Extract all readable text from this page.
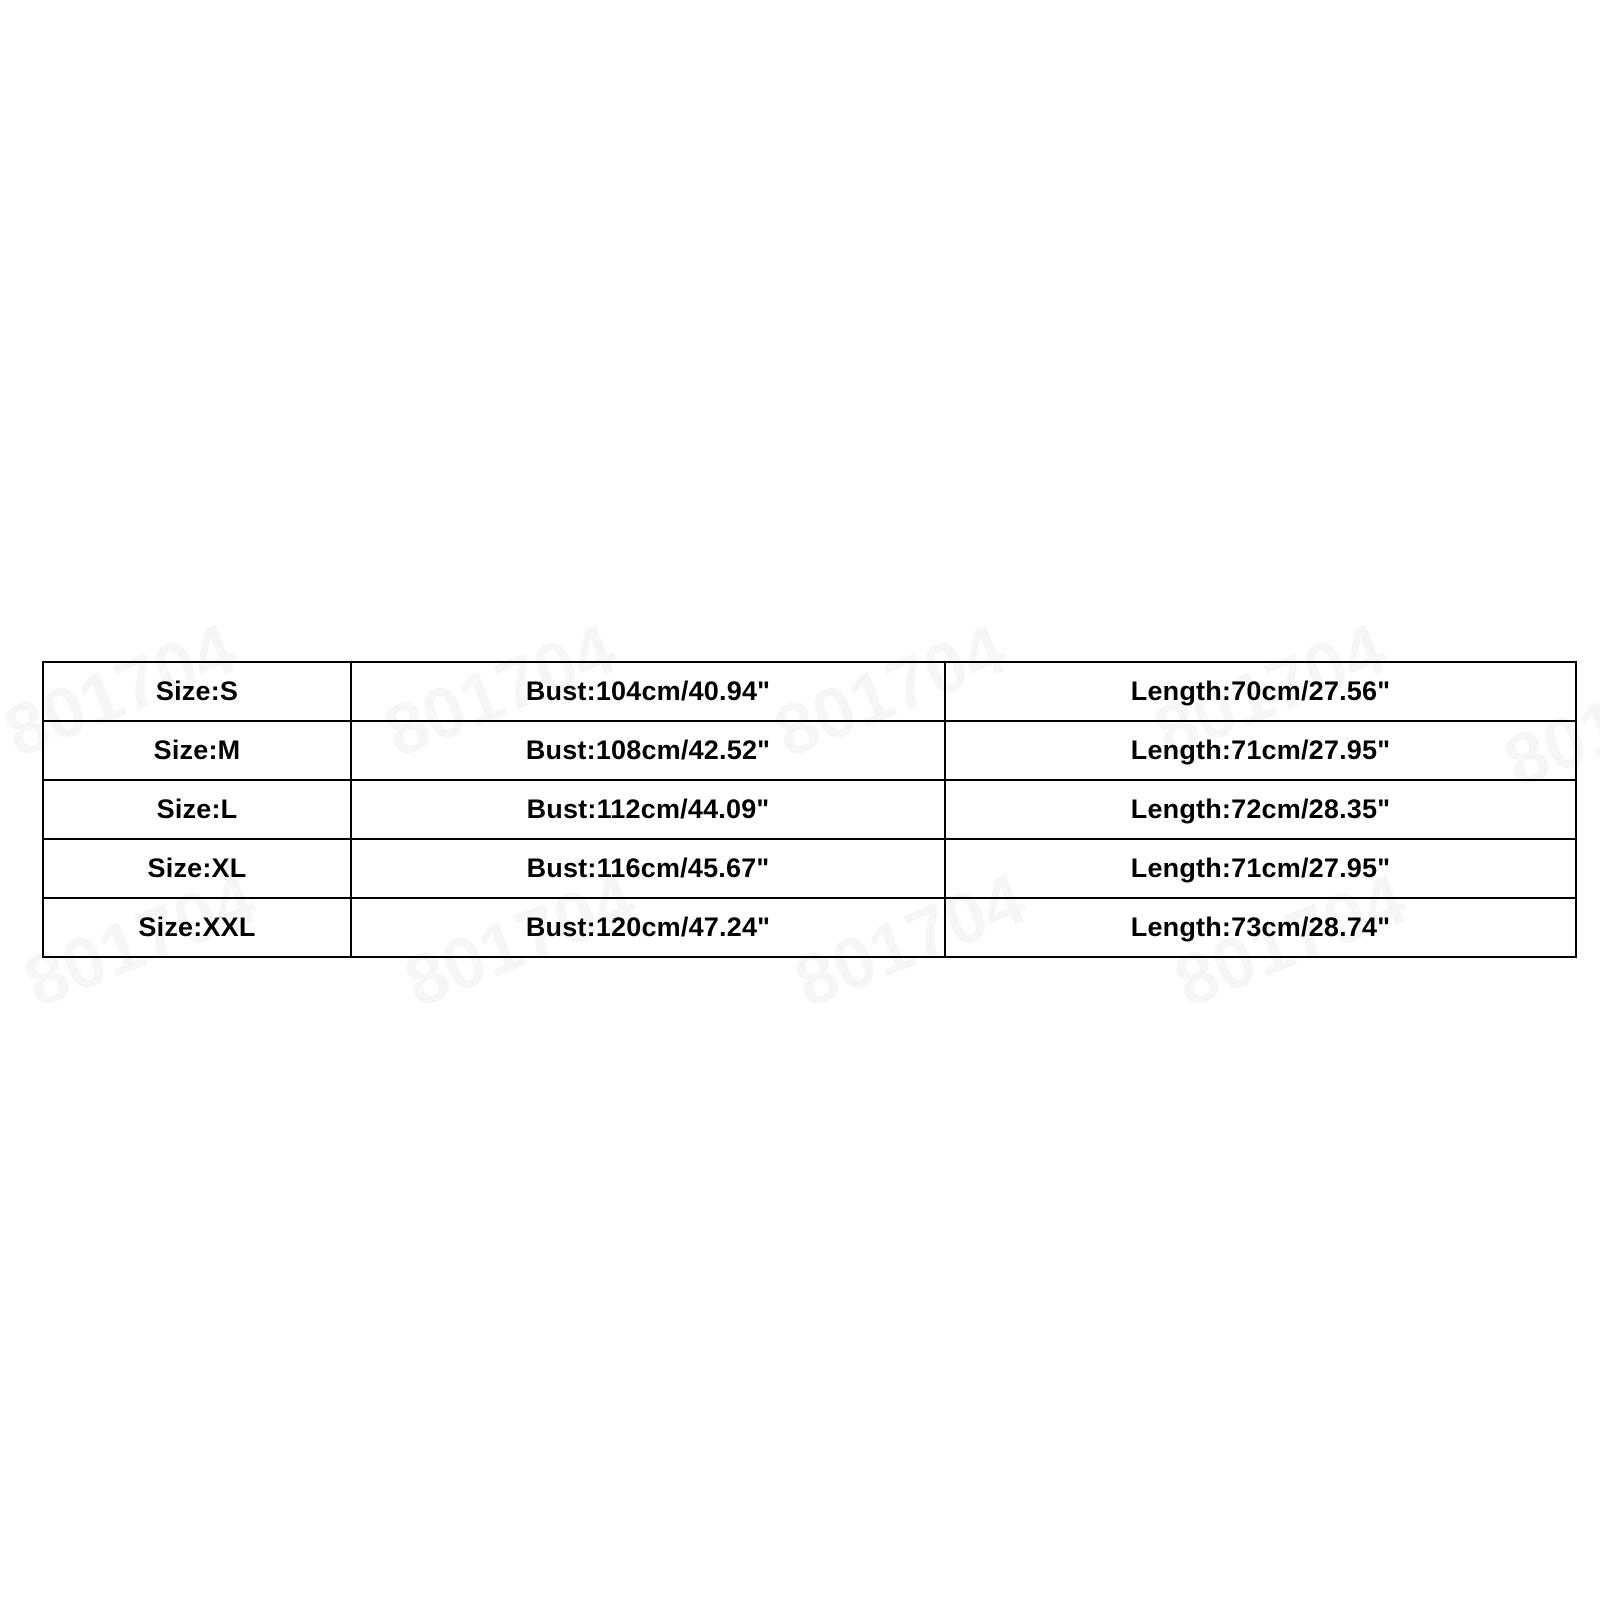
Size:S	Bust:104cm/40.94"	Length:70cm/27.56"
Size:M	Bust:108cm/42.52"	Length:71cm/27.95"
Size:L	Bust:112cm/44.09"	Length:72cm/28.35"
Size:XL	Bust:116cm/45.67"	Length:71cm/27.95"
Size:XXL	Bust:120cm/47.24"	Length:73cm/28.74"
